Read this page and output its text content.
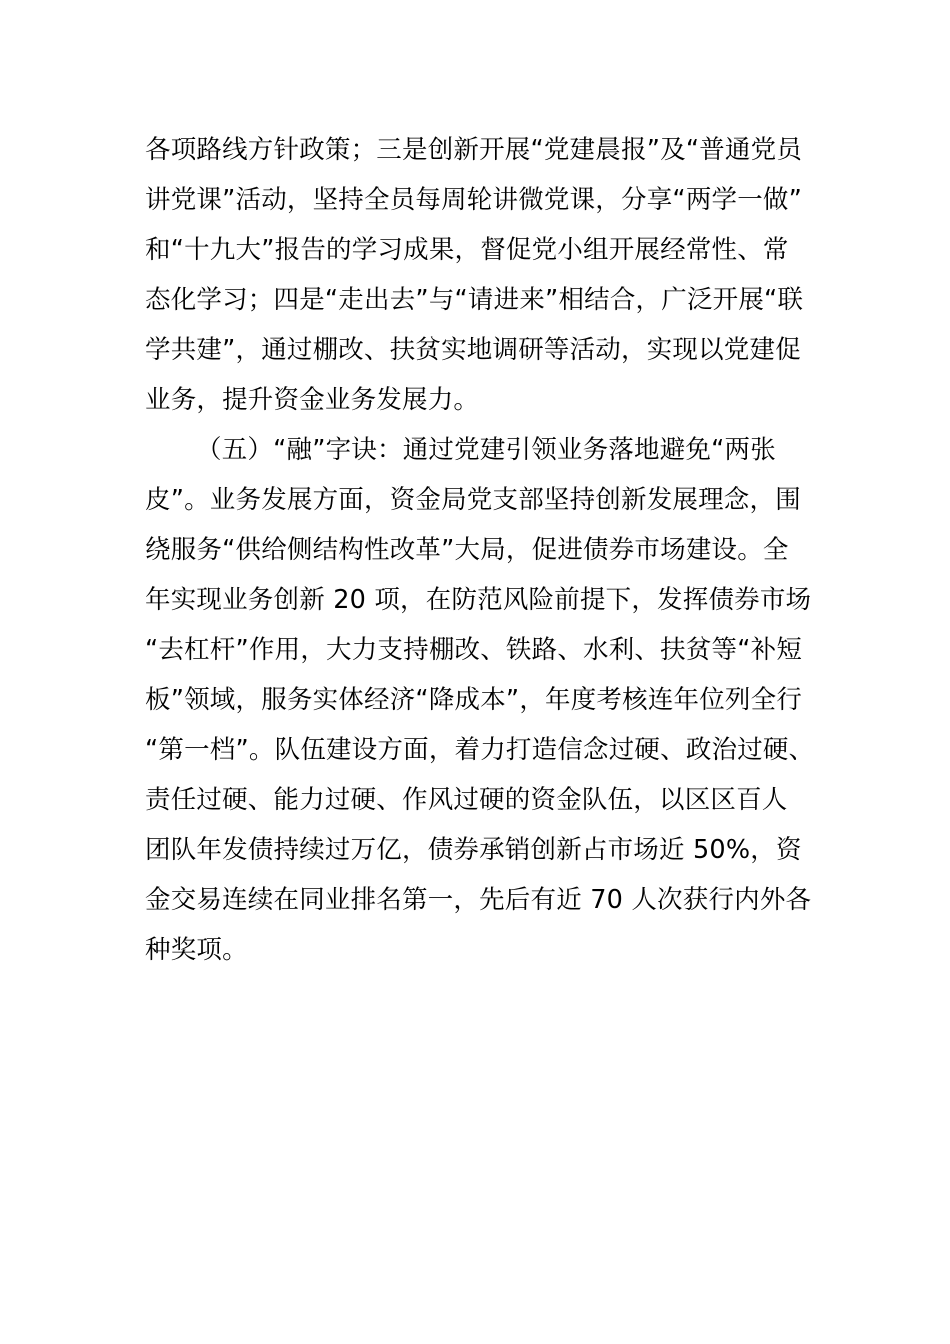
各项路线方针政策；三是创新开展“党建晨报”及“普通党员
讲党课”活动，坚持全员每周轮讲微党课，分享“两学一做”
和“十九大”报告的学习成果，督促党小组开展经常性、常
态化学习；四是“走出去”与“请进来”相结合，广泛开展“联
学共建”，通过棚改、扶贫实地调研等活动，实现以党建促
业务，提升资金业务发展力。
（五）“融”字诀：通过党建引领业务落地避免“两张
皮”。业务发展方面，资金局党支部坚持创新发展理念，围
绕服务“供给侧结构性改革”大局，促进债券市场建设。全
年实现业务创新 20 项，在防范风险前提下，发挥债券市场
“去杠杆”作用，大力支持棚改、铁路、水利、扶贫等“补短
板”领域，服务实体经济“降成本”，年度考核连年位列全行
“第一档”。队伍建设方面，着力打造信念过硬、政治过硬、
责任过硬、能力过硬、作风过硬的资金队伍，以区区百人
团队年发债持续过万亿，债券承销创新占市场近 50%，资
金交易连续在同业排名第一，先后有近 70 人次获行内外各
种奖项。
